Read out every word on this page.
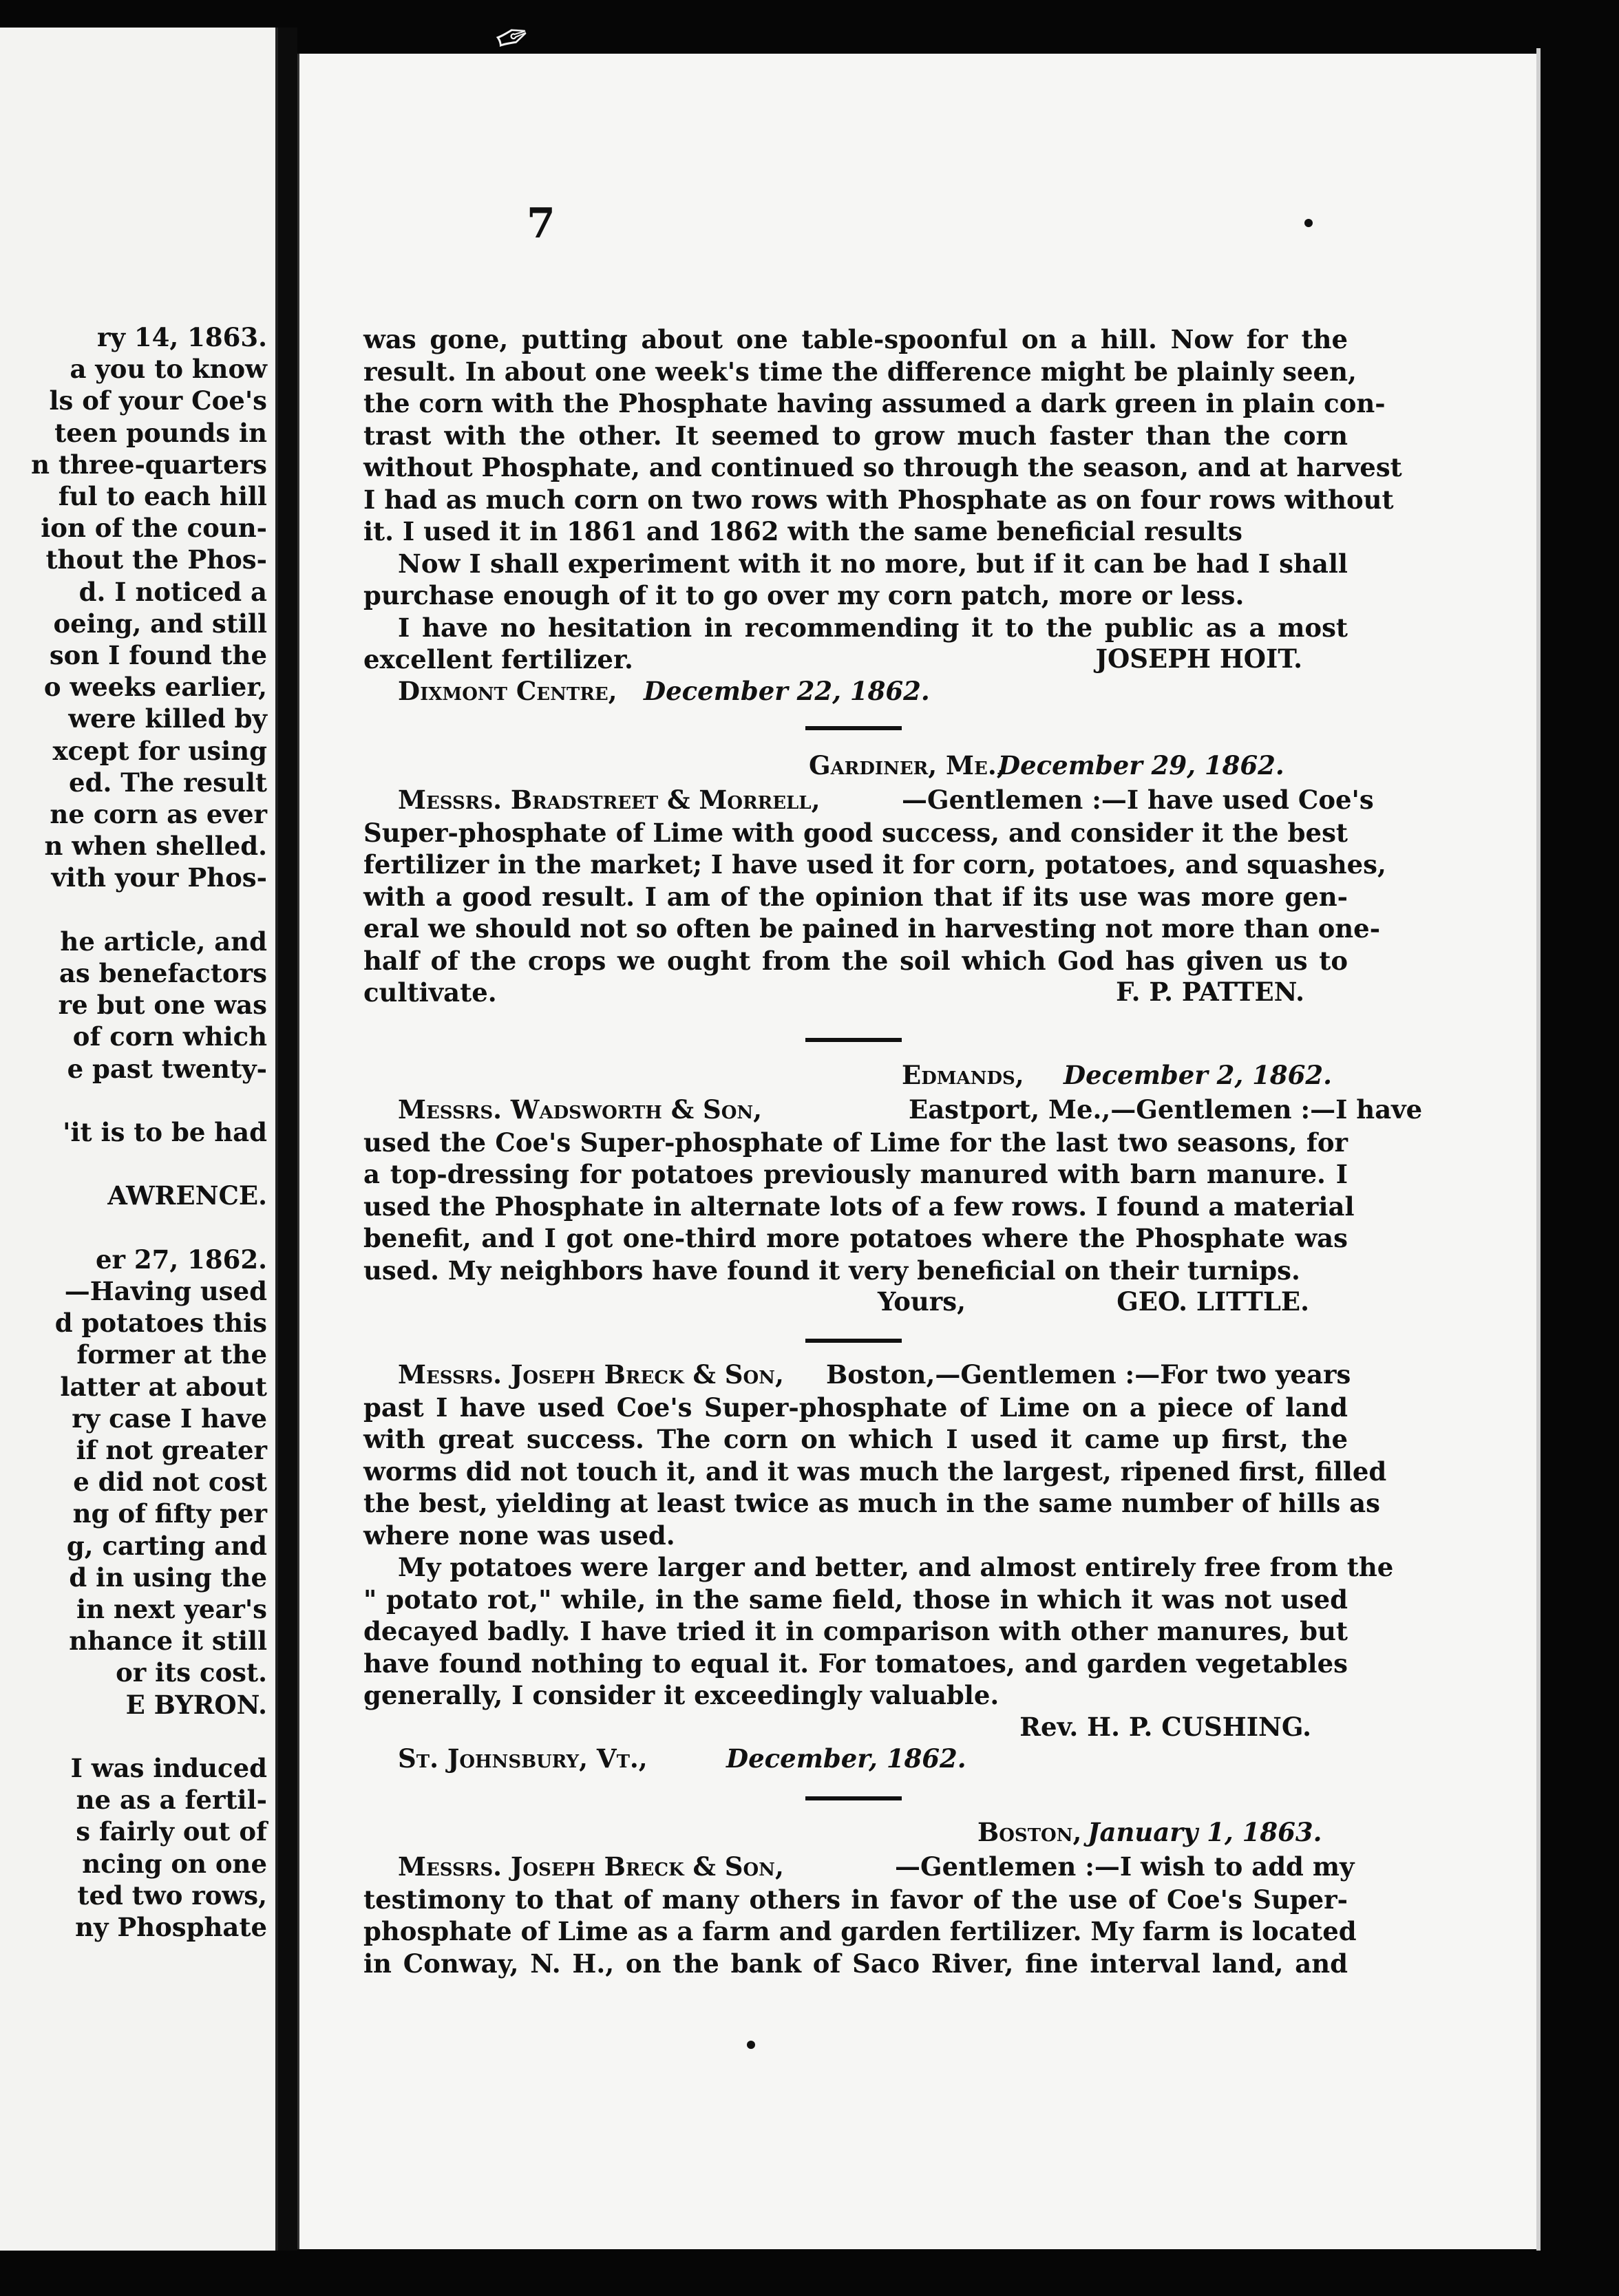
✑
7
ry 14, 1863.
a you to know
ls of your Coe's
teen pounds in
n three-quarters
ful to each hill
ion of the coun-
thout the Phos-
d. I noticed a
oeing, and still
son I found the
o weeks earlier,
were killed by
xcept for using
ed. The result
ne corn as ever
n when shelled.
vith your Phos-
he article, and
as benefactors
re but one was
of corn which
e past twenty-
'it is to be had
AWRENCE.
er 27, 1862.
—Having used
d potatoes this
former at the
latter at about
ry case I have
if not greater
e did not cost
ng of fifty per
g, carting and
d in using the
in next year's
nhance it still
or its cost.
E BYRON.
I was induced
ne as a fertil-
s fairly out of
ncing on one
ted two rows,
ny Phosphate
was gone, putting about one table-spoonful on a hill. Now for the
result. In about one week's time the difference might be plainly seen,
the corn with the Phosphate having assumed a dark green in plain con-
trast with the other. It seemed to grow much faster than the corn
without Phosphate, and continued so through the season, and at harvest
I had as much corn on two rows with Phosphate as on four rows without
it. I used it in 1861 and 1862 with the same beneficial results
Now I shall experiment with it no more, but if it can be had I shall
purchase enough of it to go over my corn patch, more or less.
I have no hesitation in recommending it to the public as a most
excellent fertilizer.	JOSEPH HOIT.
Dixmont Centre, December 22, 1862.
Gardiner, Me.,
December 29, 1862.
Messrs. Bradstreet & Morrell,	—Gentlemen :—I have used Coe's
Super-phosphate of Lime with good success, and consider it the best
fertilizer in the market; I have used it for corn, potatoes, and squashes,
with a good result. I am of the opinion that if its use was more gen-
eral we should not so often be pained in harvesting not more than one-
half of the crops we ought from the soil which God has given us to
cultivate.	F. P. PATTEN.
Edmands, December 2, 1862.
Messrs. Wadsworth & Son,	Eastport, Me.,—Gentlemen :—I have
used the Coe's Super-phosphate of Lime for the last two seasons, for
a top-dressing for potatoes previously manured with barn manure. I
used the Phosphate in alternate lots of a few rows. I found a material
benefit, and I got one-third more potatoes where the Phosphate was
used. My neighbors have found it very beneficial on their turnips.
Yours,	GEO. LITTLE.
Messrs. Joseph Breck & Son, Boston,—Gentlemen :—For two years
past I have used Coe's Super-phosphate of Lime on a piece of land
with great success. The corn on which I used it came up first, the
worms did not touch it, and it was much the largest, ripened first, filled
the best, yielding at least twice as much in the same number of hills as
where none was used.
My potatoes were larger and better, and almost entirely free from the
" potato rot," while, in the same field, those in which it was not used
decayed badly. I have tried it in comparison with other manures, but
have found nothing to equal it. For tomatoes, and garden vegetables
generally, I consider it exceedingly valuable.
Rev. H. P. CUSHING.
St. Johnsbury, Vt.,	December, 1862.
Boston, January 1, 1863.
Messrs. Joseph Breck & Son,	—Gentlemen :—I wish to add my
testimony to that of many others in favor of the use of Coe's Super-
phosphate of Lime as a farm and garden fertilizer. My farm is located
in Conway, N. H., on the bank of Saco River, fine interval land, and
